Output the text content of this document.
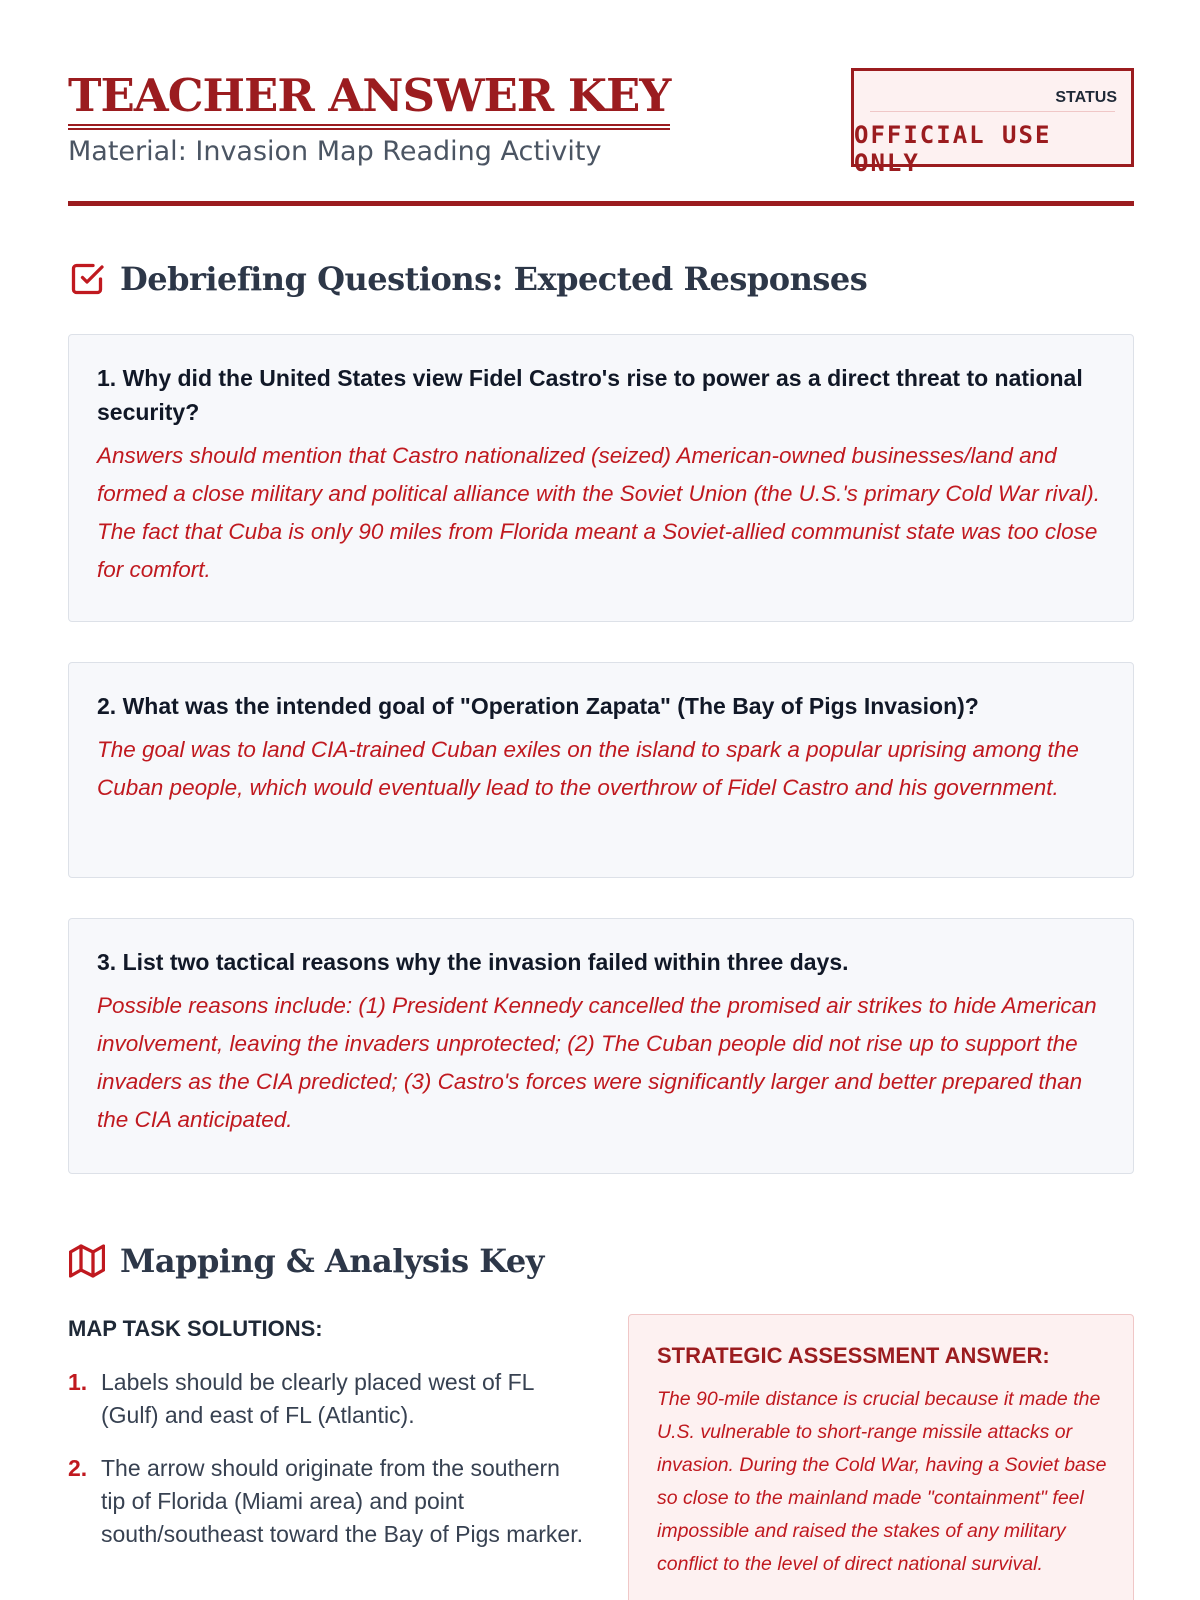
TEACHER ANSWER KEY
Material: Invasion Map Reading Activity
STATUS
OFFICIAL USE ONLY
Debriefing Questions: Expected Responses
1. Why did the United States view Fidel Castro's rise to power as a direct threat to national security?
Answers should mention that Castro nationalized (seized) American-owned businesses/land and formed a close military and political alliance with the Soviet Union (the U.S.'s primary Cold War rival). The fact that Cuba is only 90 miles from Florida meant a Soviet-allied communist state was too close for comfort.
2. What was the intended goal of "Operation Zapata" (The Bay of Pigs Invasion)?
The goal was to land CIA-trained Cuban exiles on the island to spark a popular uprising among the Cuban people, which would eventually lead to the overthrow of Fidel Castro and his government.
3. List two tactical reasons why the invasion failed within three days.
Possible reasons include: (1) President Kennedy cancelled the promised air strikes to hide American involvement, leaving the invaders unprotected; (2) The Cuban people did not rise up to support the invaders as the CIA predicted; (3) Castro's forces were significantly larger and better prepared than the CIA anticipated.
Mapping & Analysis Key
MAP TASK SOLUTIONS:
1. Labels should be clearly placed west of FL (Gulf) and east of FL (Atlantic).
2. The arrow should originate from the southern tip of Florida (Miami area) and point south/southeast toward the Bay of Pigs marker.
STRATEGIC ASSESSMENT ANSWER:
The 90-mile distance is crucial because it made the U.S. vulnerable to short-range missile attacks or invasion. During the Cold War, having a Soviet base so close to the mainland made "containment" feel impossible and raised the stakes of any military conflict to the level of direct national survival.
